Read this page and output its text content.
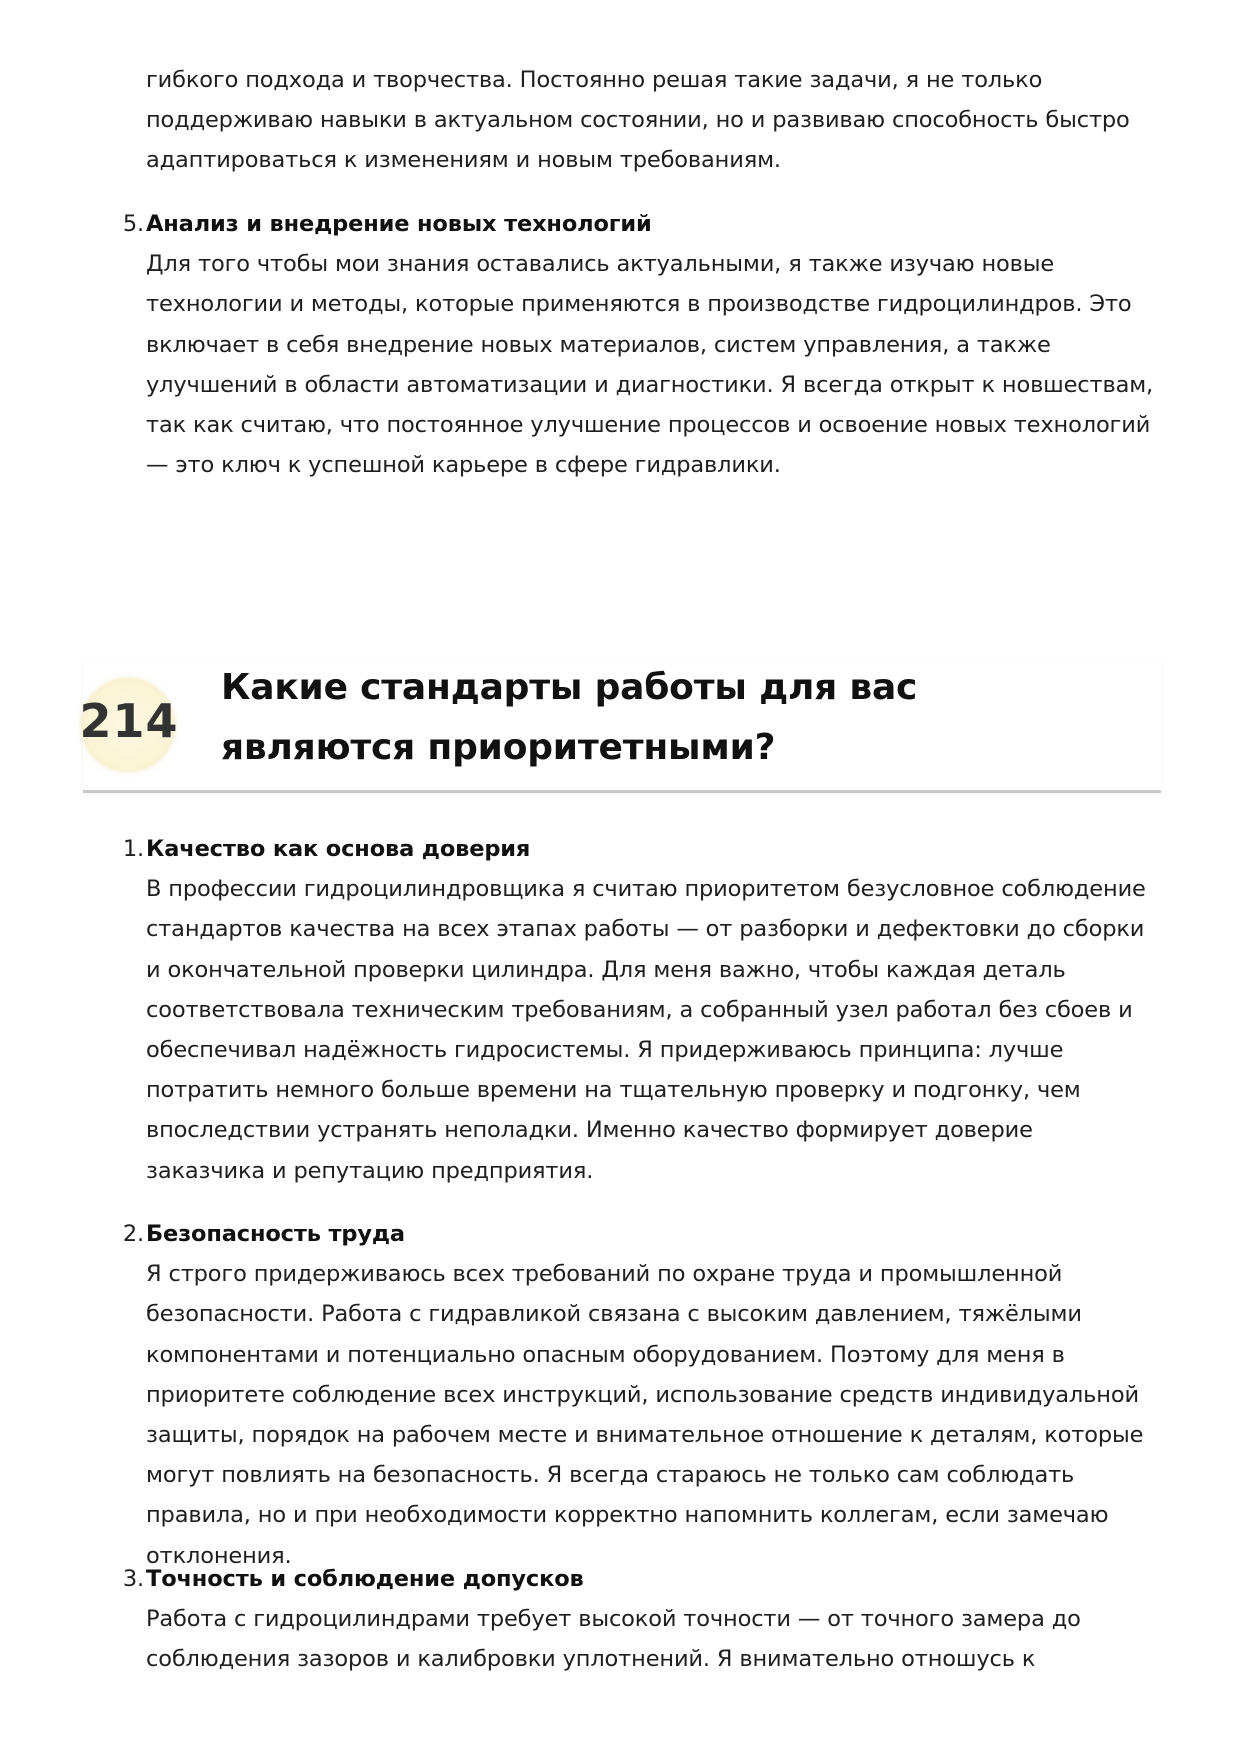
гибкого подхода и творчества. Постоянно решая такие задачи, я не только поддерживаю навыки в актуальном состоянии, но и развиваю способность быстро адаптироваться к изменениям и новым требованиям.
5. Анализ и внедрение новых технологий
Для того чтобы мои знания оставались актуальными, я также изучаю новые технологии и методы, которые применяются в производстве гидроцилиндров. Это включает в себя внедрение новых материалов, систем управления, а также улучшений в области автоматизации и диагностики. Я всегда открыт к новшествам, так как считаю, что постоянное улучшение процессов и освоение новых технологий — это ключ к успешной карьере в сфере гидравлики.
214
Какие стандарты работы для вас являются приоритетными?
1. Качество как основа доверия
В профессии гидроцилиндровщика я считаю приоритетом безусловное соблюдение стандартов качества на всех этапах работы — от разборки и дефектовки до сборки и окончательной проверки цилиндра. Для меня важно, чтобы каждая деталь соответствовала техническим требованиям, а собранный узел работал без сбоев и обеспечивал надёжность гидросистемы. Я придерживаюсь принципа: лучше потратить немного больше времени на тщательную проверку и подгонку, чем впоследствии устранять неполадки. Именно качество формирует доверие заказчика и репутацию предприятия.
2. Безопасность труда
Я строго придерживаюсь всех требований по охране труда и промышленной безопасности. Работа с гидравликой связана с высоким давлением, тяжёлыми компонентами и потенциально опасным оборудованием. Поэтому для меня в приоритете соблюдение всех инструкций, использование средств индивидуальной защиты, порядок на рабочем месте и внимательное отношение к деталям, которые могут повлиять на безопасность. Я всегда стараюсь не только сам соблюдать правила, но и при необходимости корректно напомнить коллегам, если замечаю отклонения.
3. Точность и соблюдение допусков
Работа с гидроцилиндрами требует высокой точности — от точного замера до соблюдения зазоров и калибровки уплотнений. Я внимательно отношусь к
